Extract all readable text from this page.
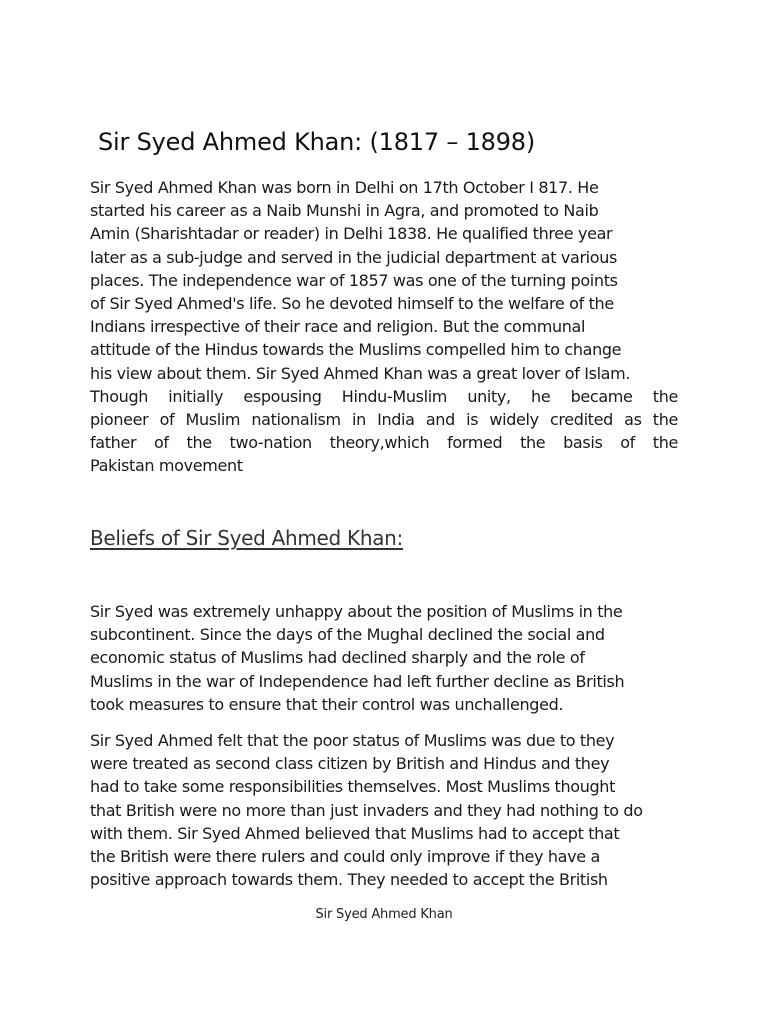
Sir Syed Ahmed Khan: (1817 – 1898)

Sir Syed Ahmed Khan was born in Delhi on 17th October I 817. He
started his career as a Naib Munshi in Agra, and promoted to Naib
Amin (Sharishtadar or reader) in Delhi 1838. He qualified three year
later as a sub-judge and served in the judicial department at various
places. The independence war of 1857 was one of the turning points
of Sir Syed Ahmed's life. So he devoted himself to the welfare of the
Indians irrespective of their race and religion. But the communal
attitude of the Hindus towards the Muslims compelled him to change
his view about them. Sir Syed Ahmed Khan was a great lover of Islam.
Though initially espousing Hindu-Muslim unity, he became the
pioneer of Muslim nationalism in India and is widely credited as the
father of the two-nation theory,which formed the basis of the
Pakistan movement

Beliefs of Sir Syed Ahmed Khan:

Sir Syed was extremely unhappy about the position of Muslims in the
subcontinent. Since the days of the Mughal declined the social and
economic status of Muslims had declined sharply and the role of
Muslims in the war of Independence had left further decline as British
took measures to ensure that their control was unchallenged.

Sir Syed Ahmed felt that the poor status of Muslims was due to they
were treated as second class citizen by British and Hindus and they
had to take some responsibilities themselves. Most Muslims thought
that British were no more than just invaders and they had nothing to do
with them. Sir Syed Ahmed believed that Muslims had to accept that
the British were there rulers and could only improve if they have a
positive approach towards them. They needed to accept the British

Sir Syed Ahmed Khan
